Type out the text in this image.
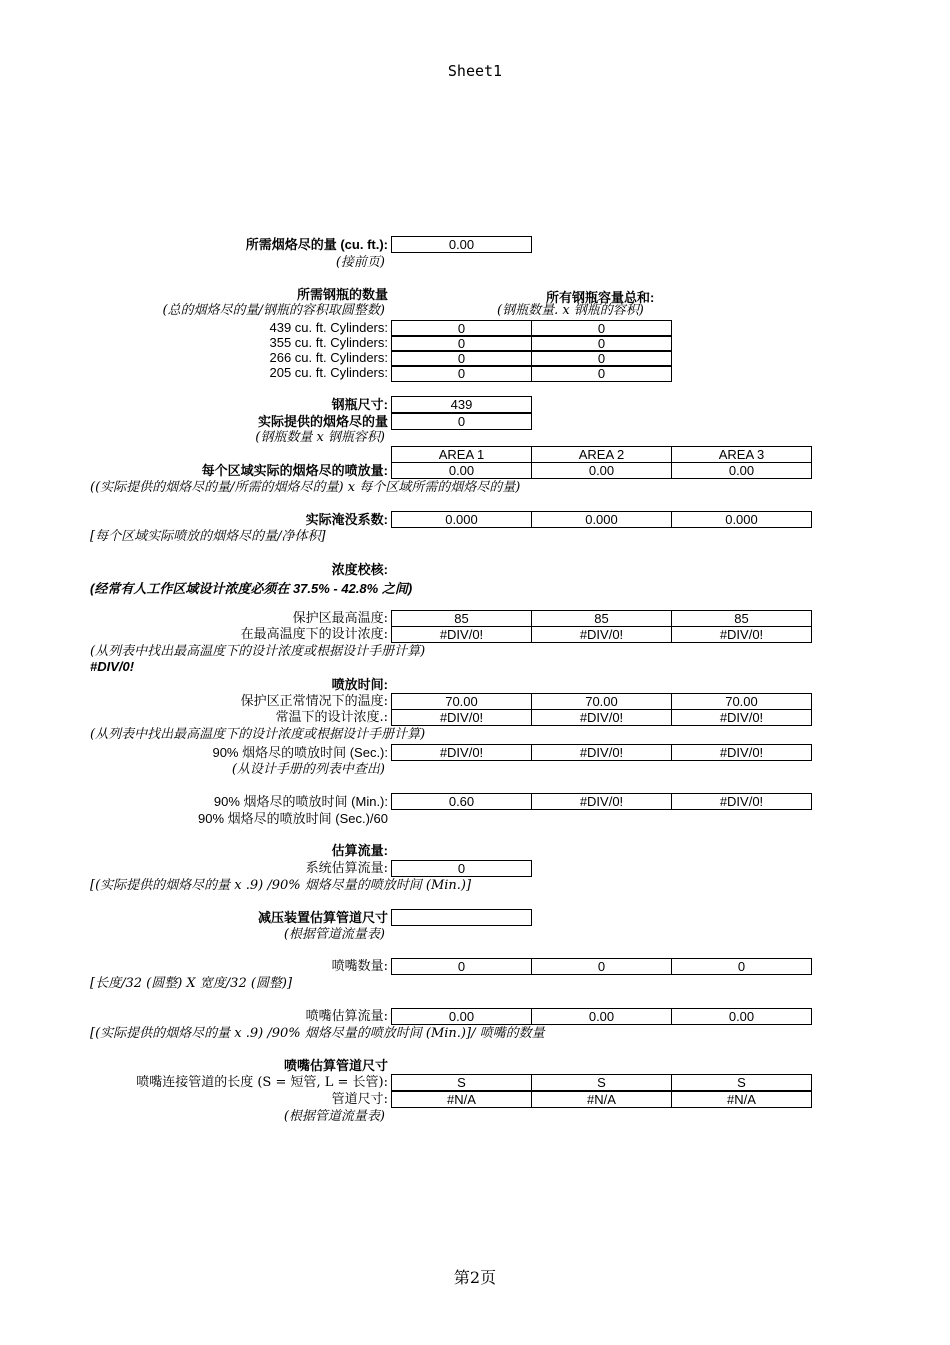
Sheet1
所需烟烙尽的量 (cu. ft.):	0.00
(接前页)
所需钢瓶的数量	所有钢瓶容量总和:
(总的烟烙尽的量/钢瓶的容积取圆整数)	(钢瓶数量. x 钢瓶的容积)
439 cu. ft. Cylinders:	0	0
355 cu. ft. Cylinders:	0	0
266 cu. ft. Cylinders:	0	0
205 cu. ft. Cylinders:	0	0
钢瓶尺寸:	439
实际提供的烟烙尽的量	0
(钢瓶数量 x 钢瓶容积)
AREA 1	AREA 2	AREA 3
每个区域实际的烟烙尽的喷放量:	0.00	0.00	0.00
((实际提供的烟烙尽的量/所需的烟烙尽的量) x 每个区域所需的烟烙尽的量)
实际淹没系数:	0.000	0.000	0.000
[每个区域实际喷放的烟烙尽的量/净体积]
浓度校核:
(经常有人工作区域设计浓度必须在 37.5% - 42.8% 之间)
保护区最高温度:	85	85	85
在最高温度下的设计浓度:	#DIV/0!	#DIV/0!	#DIV/0!
(从列表中找出最高温度下的设计浓度或根据设计手册计算)
#DIV/0!
喷放时间:
保护区正常情况下的温度:	70.00	70.00	70.00
常温下的设计浓度.:	#DIV/0!	#DIV/0!	#DIV/0!
(从列表中找出最高温度下的设计浓度或根据设计手册计算)
90% 烟烙尽的喷放时间 (Sec.):	#DIV/0!	#DIV/0!	#DIV/0!
(从设计手册的列表中查出)
90% 烟烙尽的喷放时间 (Min.):	0.60	#DIV/0!	#DIV/0!
90% 烟烙尽的喷放时间 (Sec.)/60
估算流量:
系统估算流量:	0
[(实际提供的烟烙尽的量 x .9) /90% 烟烙尽量的喷放时间 (Min.)]
减压装置估算管道尺寸
(根据管道流量表)
喷嘴数量:	0	0	0
[长度/32 (圆整) X 宽度/32 (圆整)]
喷嘴估算流量:	0.00	0.00	0.00
[(实际提供的烟烙尽的量 x .9) /90% 烟烙尽量的喷放时间 (Min.)]/ 喷嘴的数量
喷嘴估算管道尺寸
喷嘴连接管道的长度 (S = 短管, L = 长管):	S	S	S
管道尺寸:	#N/A	#N/A	#N/A
(根据管道流量表)
第2页
